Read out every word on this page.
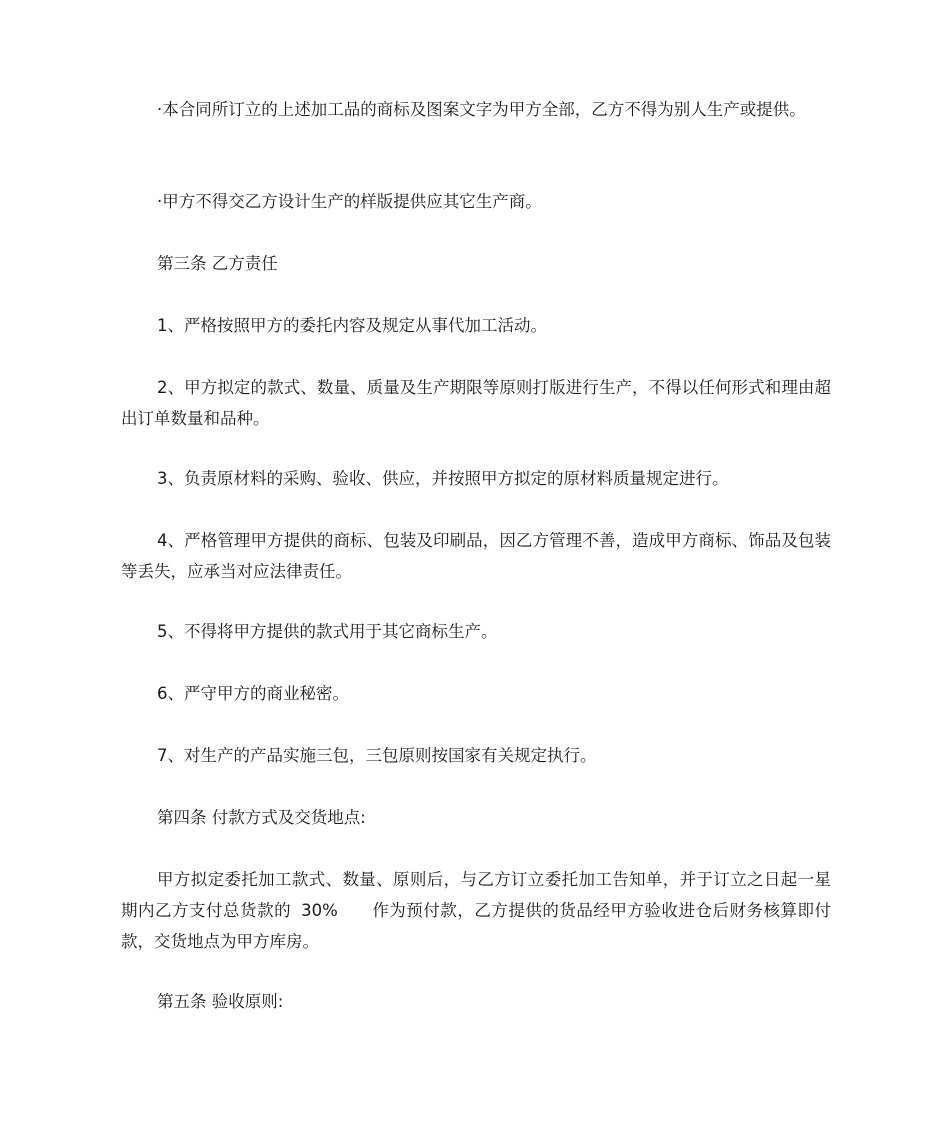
·本合同所订立的上述加工品的商标及图案文字为甲方全部，乙方不得为别人生产或提供。

·甲方不得交乙方设计生产的样版提供应其它生产商。

第三条 乙方责任

1、严格按照甲方的委托内容及规定从事代加工活动。

2、甲方拟定的款式、数量、质量及生产期限等原则打版进行生产，不得以任何形式和理由超出订单数量和品种。

3、负责原材料的采购、验收、供应，并按照甲方拟定的原材料质量规定进行。

4、严格管理甲方提供的商标、包装及印刷品，因乙方管理不善，造成甲方商标、饰品及包装等丢失，应承当对应法律责任。

5、不得将甲方提供的款式用于其它商标生产。

6、严守甲方的商业秘密。

7、对生产的产品实施三包，三包原则按国家有关规定执行。

第四条 付款方式及交货地点:

甲方拟定委托加工款式、数量、原则后，与乙方订立委托加工告知单，并于订立之日起一星期内乙方支付总货款的 30% 作为预付款，乙方提供的货品经甲方验收进仓后财务核算即付款，交货地点为甲方库房。

第五条 验收原则:
